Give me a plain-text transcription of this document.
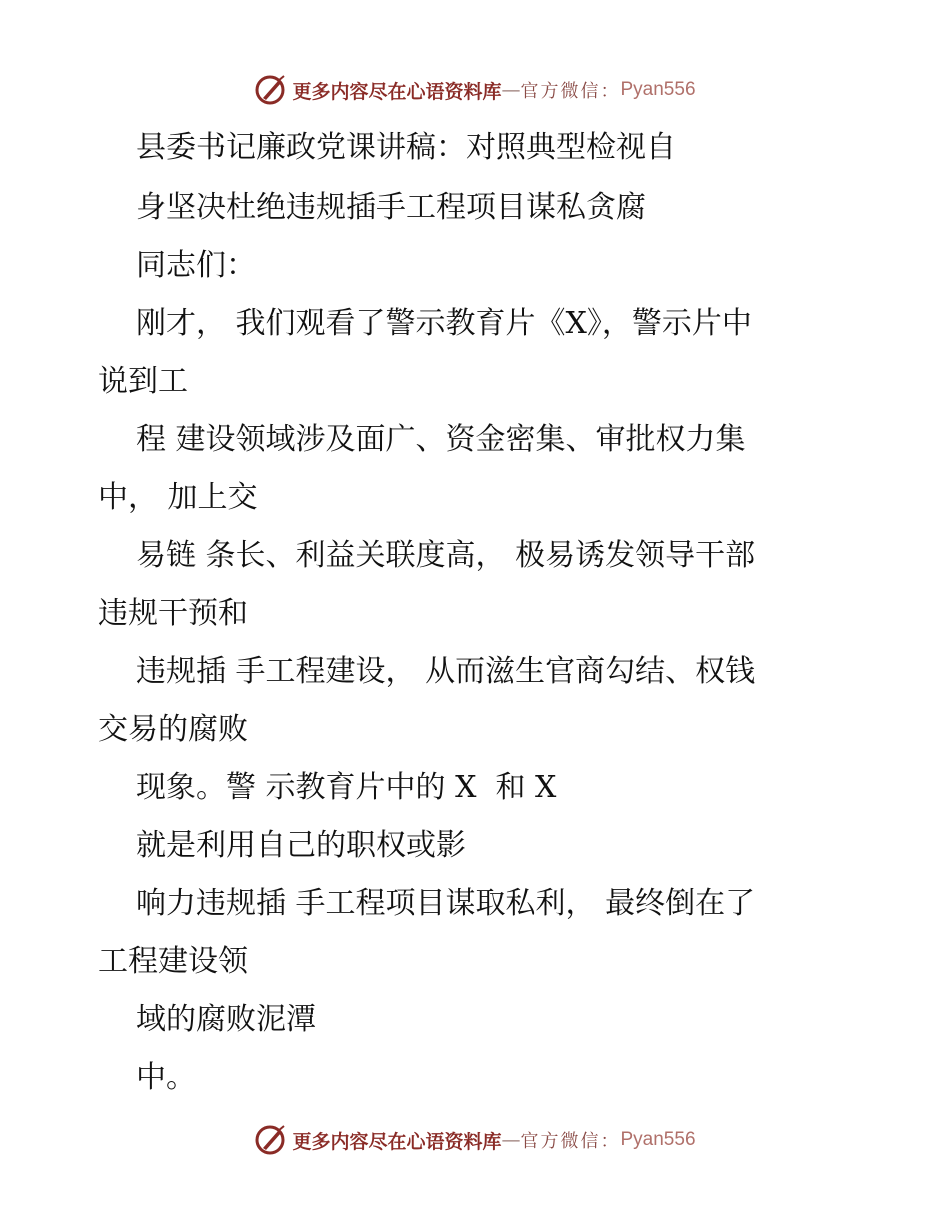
更多内容尽在心语资料库 — 官方微信： Pyan556
县委书记廉政党课讲稿：对照典型检视自
身坚决杜绝违规插手工程项目谋私贪腐
同志们：
刚才， 我们观看了警示教育片《X》，警示片中
说到工
程 建设领域涉及面广、资金密集、审批权力集
中， 加上交
易链 条长、利益关联度高， 极易诱发领导干部
违规干预和
违规插 手工程建设， 从而滋生官商勾结、权钱
交易的腐败
现象。警 示教育片中的 X  和 X
就是利用自己的职权或影
响力违规插 手工程项目谋取私利， 最终倒在了
工程建设领
域的腐败泥潭
中。
更多内容尽在心语资料库 — 官方微信： Pyan556
